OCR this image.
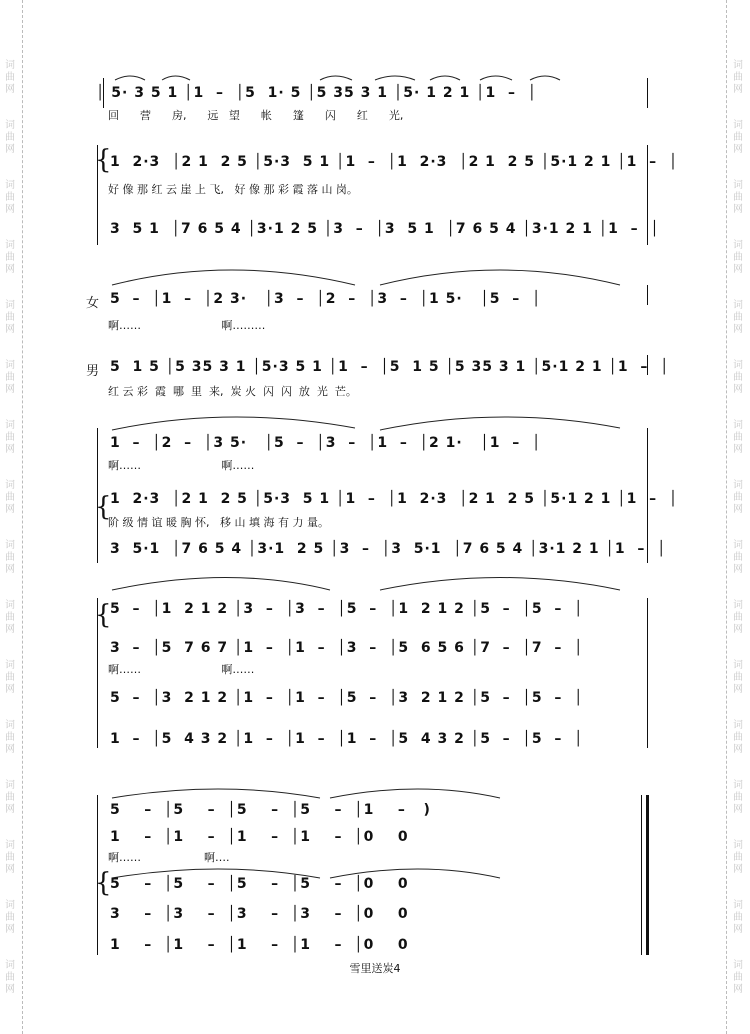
词
曲
网
词
曲
网
词
曲
网
词
曲
网
词
曲
网
词
曲
网
词
曲
网
词
曲
网
词
曲
网
词
曲
网
词
曲
网
词
曲
网
词
曲
网
词
曲
网
词
曲
网
词
曲
网
词
曲
网
词
曲
网
词
曲
网
词
曲
网
词
曲
网
词
曲
网
词
曲
网
词
曲
网
词
曲
网
词
曲
网
词
曲
网
词
曲
网
词
曲
网
词
曲
网
词
曲
网
词
曲
网
女
男
{
{
{
{
│ 5· 3 5 1 │1  –  │5  1· 5 │5 35 3 1 │5· 1 2 1 │1  –  │
回      营      房,      远   望      帐      篷      闪      红      光,
1  2·3  │2 1  2 5 │5·3  5 1 │1  –  │1  2·3  │2 1  2 5 │5·1 2 1 │1  –  │
好 像 那 红 云 崖 上 飞,   好 像 那 彩 霞 落 山 岗。
3  5 1  │7 6 5 4 │3·1 2 5 │3  –  │3  5 1  │7 6 5 4 │3·1 2 1 │1  –  │
5  –  │1  –  │2 3·   │3  –  │2  –  │3  –  │1 5·   │5  –  │
啊……                       啊………
5  1 5 │5 35 3 1 │5·3 5 1 │1  –  │5  1 5 │5 35 3 1 │5·1 2 1 │1  –  │
红 云 彩  霞  哪  里  来,  炭 火  闪  闪  放  光  芒。
1  –  │2  –  │3 5·   │5  –  │3  –  │1  –  │2 1·   │1  –  │
啊……                       啊……
1  2·3  │2 1  2 5 │5·3  5 1 │1  –  │1  2·3  │2 1  2 5 │5·1 2 1 │1  –  │
阶 级 情 谊 暖 胸 怀,   移 山 填 海 有 力 量。
3  5·1  │7 6 5 4 │3·1  2 5 │3  –  │3  5·1  │7 6 5 4 │3·1 2 1 │1  –  │
5  –  │1  2 1 2 │3  –  │3  –  │5  –  │1  2 1 2 │5  –  │5  –  │
3  –  │5  7 6 7 │1  –  │1  –  │3  –  │5  6 5 6 │7  –  │7  –  │
啊……                       啊……
5  –  │3  2 1 2 │1  –  │1  –  │5  –  │3  2 1 2 │5  –  │5  –  │
1  –  │5  4 3 2 │1  –  │1  –  │1  –  │5  4 3 2 │5  –  │5  –  │
5    –  │5    –  │5    –  │5    –  │1    –   )
1    –  │1    –  │1    –  │1    –  │0    0
啊……                  啊….
5    –  │5    –  │5    –  │5    –  │0    0
3    –  │3    –  │3    –  │3    –  │0    0
1    –  │1    –  │1    –  │1    –  │0    0
雪里送炭4
